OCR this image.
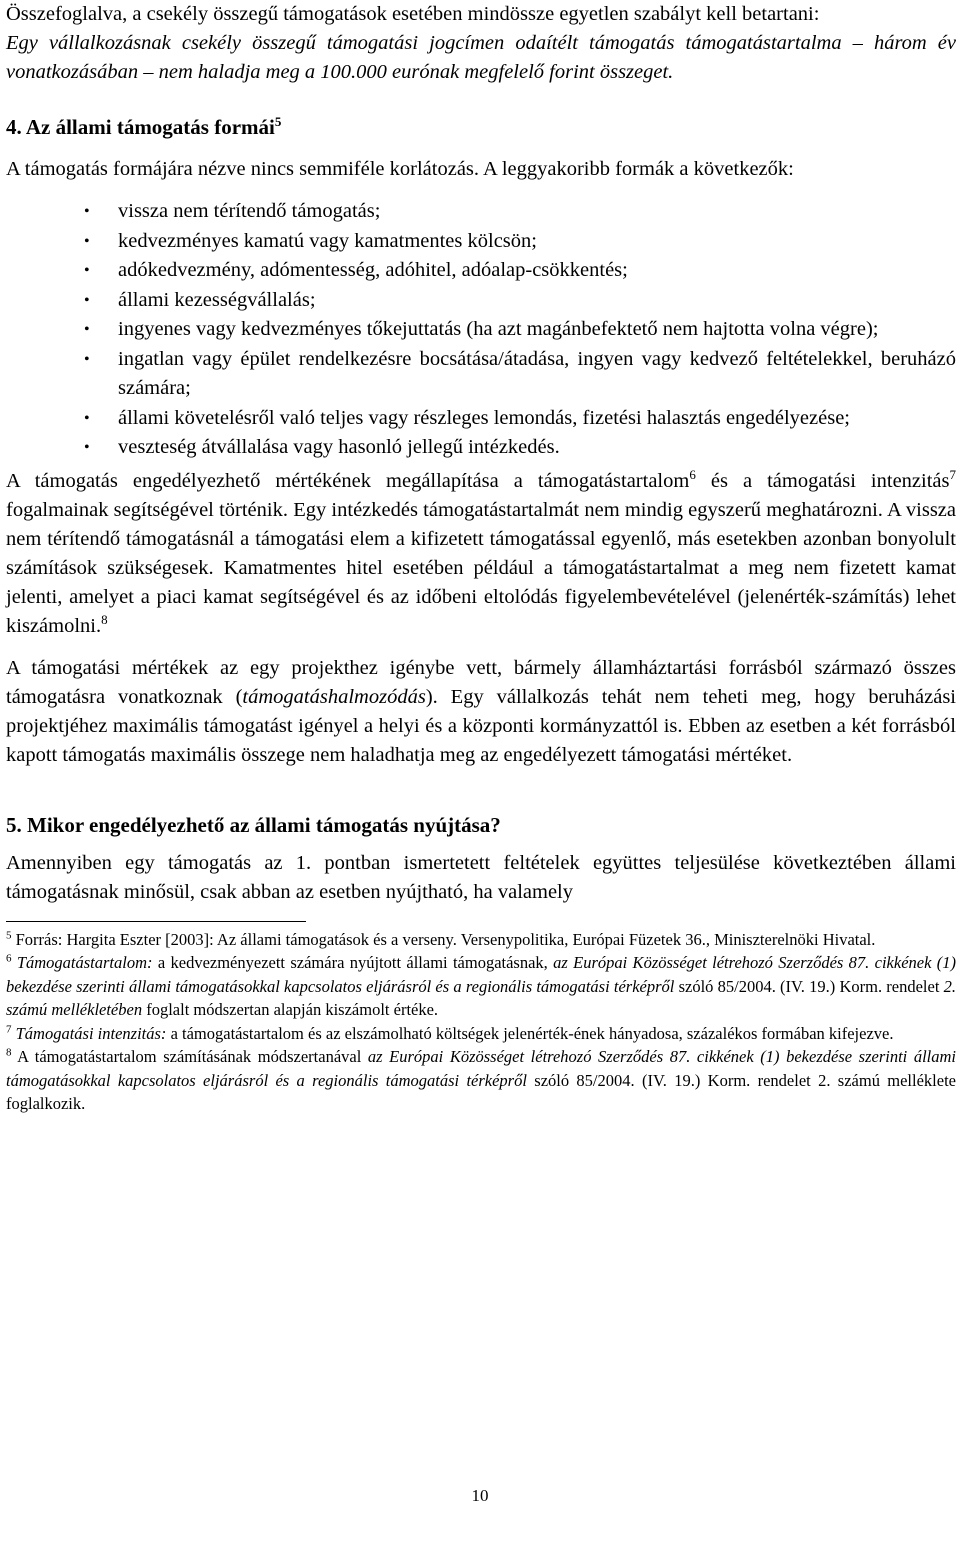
Összefoglalva, a csekély összegű támogatások esetében mindössze egyetlen szabályt kell betartani:
Egy vállalkozásnak csekély összegű támogatási jogcímen odaítélt támogatás támogatástartalma – három év vonatkozásában – nem haladja meg a 100.000 eurónak megfelelő forint összeget.

4. Az állami támogatás formái$^5$

A támogatás formájára nézve nincs semmiféle korlátozás. A leggyakoribb formák a következők:

• vissza nem térítendő támogatás;
• kedvezményes kamatú vagy kamatmentes kölcsön;
• adókedvezmény, adómentesség, adóhitel, adóalap-csökkentés;
• állami kezességvállalás;
• ingyenes vagy kedvezményes tőkejuttatás (ha azt magánbefektető nem hajtotta volna végre);
• ingatlan vagy épület rendelkezésre bocsátása/átadása, ingyen vagy kedvező feltételekkel, beruházó számára;
• állami követelésről való teljes vagy részleges lemondás, fizetési halasztás engedélyezése;
• veszteség átvállalása vagy hasonló jellegű intézkedés.

A támogatás engedélyezhető mértékének megállapítása a támogatástartalom$^6$ és a támogatási intenzitás$^7$ fogalmainak segítségével történik. Egy intézkedés támogatástartalmát nem mindig egyszerű meghatározni. A vissza nem térítendő támogatásnál a támogatási elem a kifizetett támogatással egyenlő, más esetekben azonban bonyolult számítások szükségesek. Kamatmentes hitel esetében például a támogatástartalmat a meg nem fizetett kamat jelenti, amelyet a piaci kamat segítségével és az időbeni eltolódás figyelembevételével (jelenérték-számítás) lehet kiszámolni.$^8$

A támogatási mértékek az egy projekthez igénybe vett, bármely államháztartási forrásból származó összes támogatásra vonatkoznak (támogatáshalmozódás). Egy vállalkozás tehát nem teheti meg, hogy beruházási projektjéhez maximális támogatást igényel a helyi és a központi kormányzattól is. Ebben az esetben a két forrásból kapott támogatás maximális összege nem haladhatja meg az engedélyezett támogatási mértéket.

5. Mikor engedélyezhető az állami támogatás nyújtása?

Amennyiben egy támogatás az 1. pontban ismertetett feltételek együttes teljesülése következtében állami támogatásnak minősül, csak abban az esetben nyújtható, ha valamely

$^5$ Forrás: Hargita Eszter [2003]: Az állami támogatások és a verseny. Versenypolitika, Európai Füzetek 36., Miniszterelnöki Hivatal.

$^6$ Támogatástartalom: a kedvezményezett számára nyújtott állami támogatásnak, az Európai Közösséget létrehozó Szerződés 87. cikkének (1) bekezdése szerinti állami támogatásokkal kapcsolatos eljárásról és a regionális támogatási térképről szóló 85/2004. (IV. 19.) Korm. rendelet 2. számú mellékletében foglalt módszertan alapján kiszámolt értéke.

$^7$ Támogatási intenzitás: a támogatástartalom és az elszámolható költségek jelenérték-ének hányadosa, százalékos formában kifejezve.

$^8$ A támogatástartalom számításának módszertanával az Európai Közösséget létrehozó Szerződés 87. cikkének (1) bekezdése szerinti állami támogatásokkal kapcsolatos eljárásról és a regionális támogatási térképről szóló 85/2004. (IV. 19.) Korm. rendelet 2. számú melléklete foglalkozik.

10
